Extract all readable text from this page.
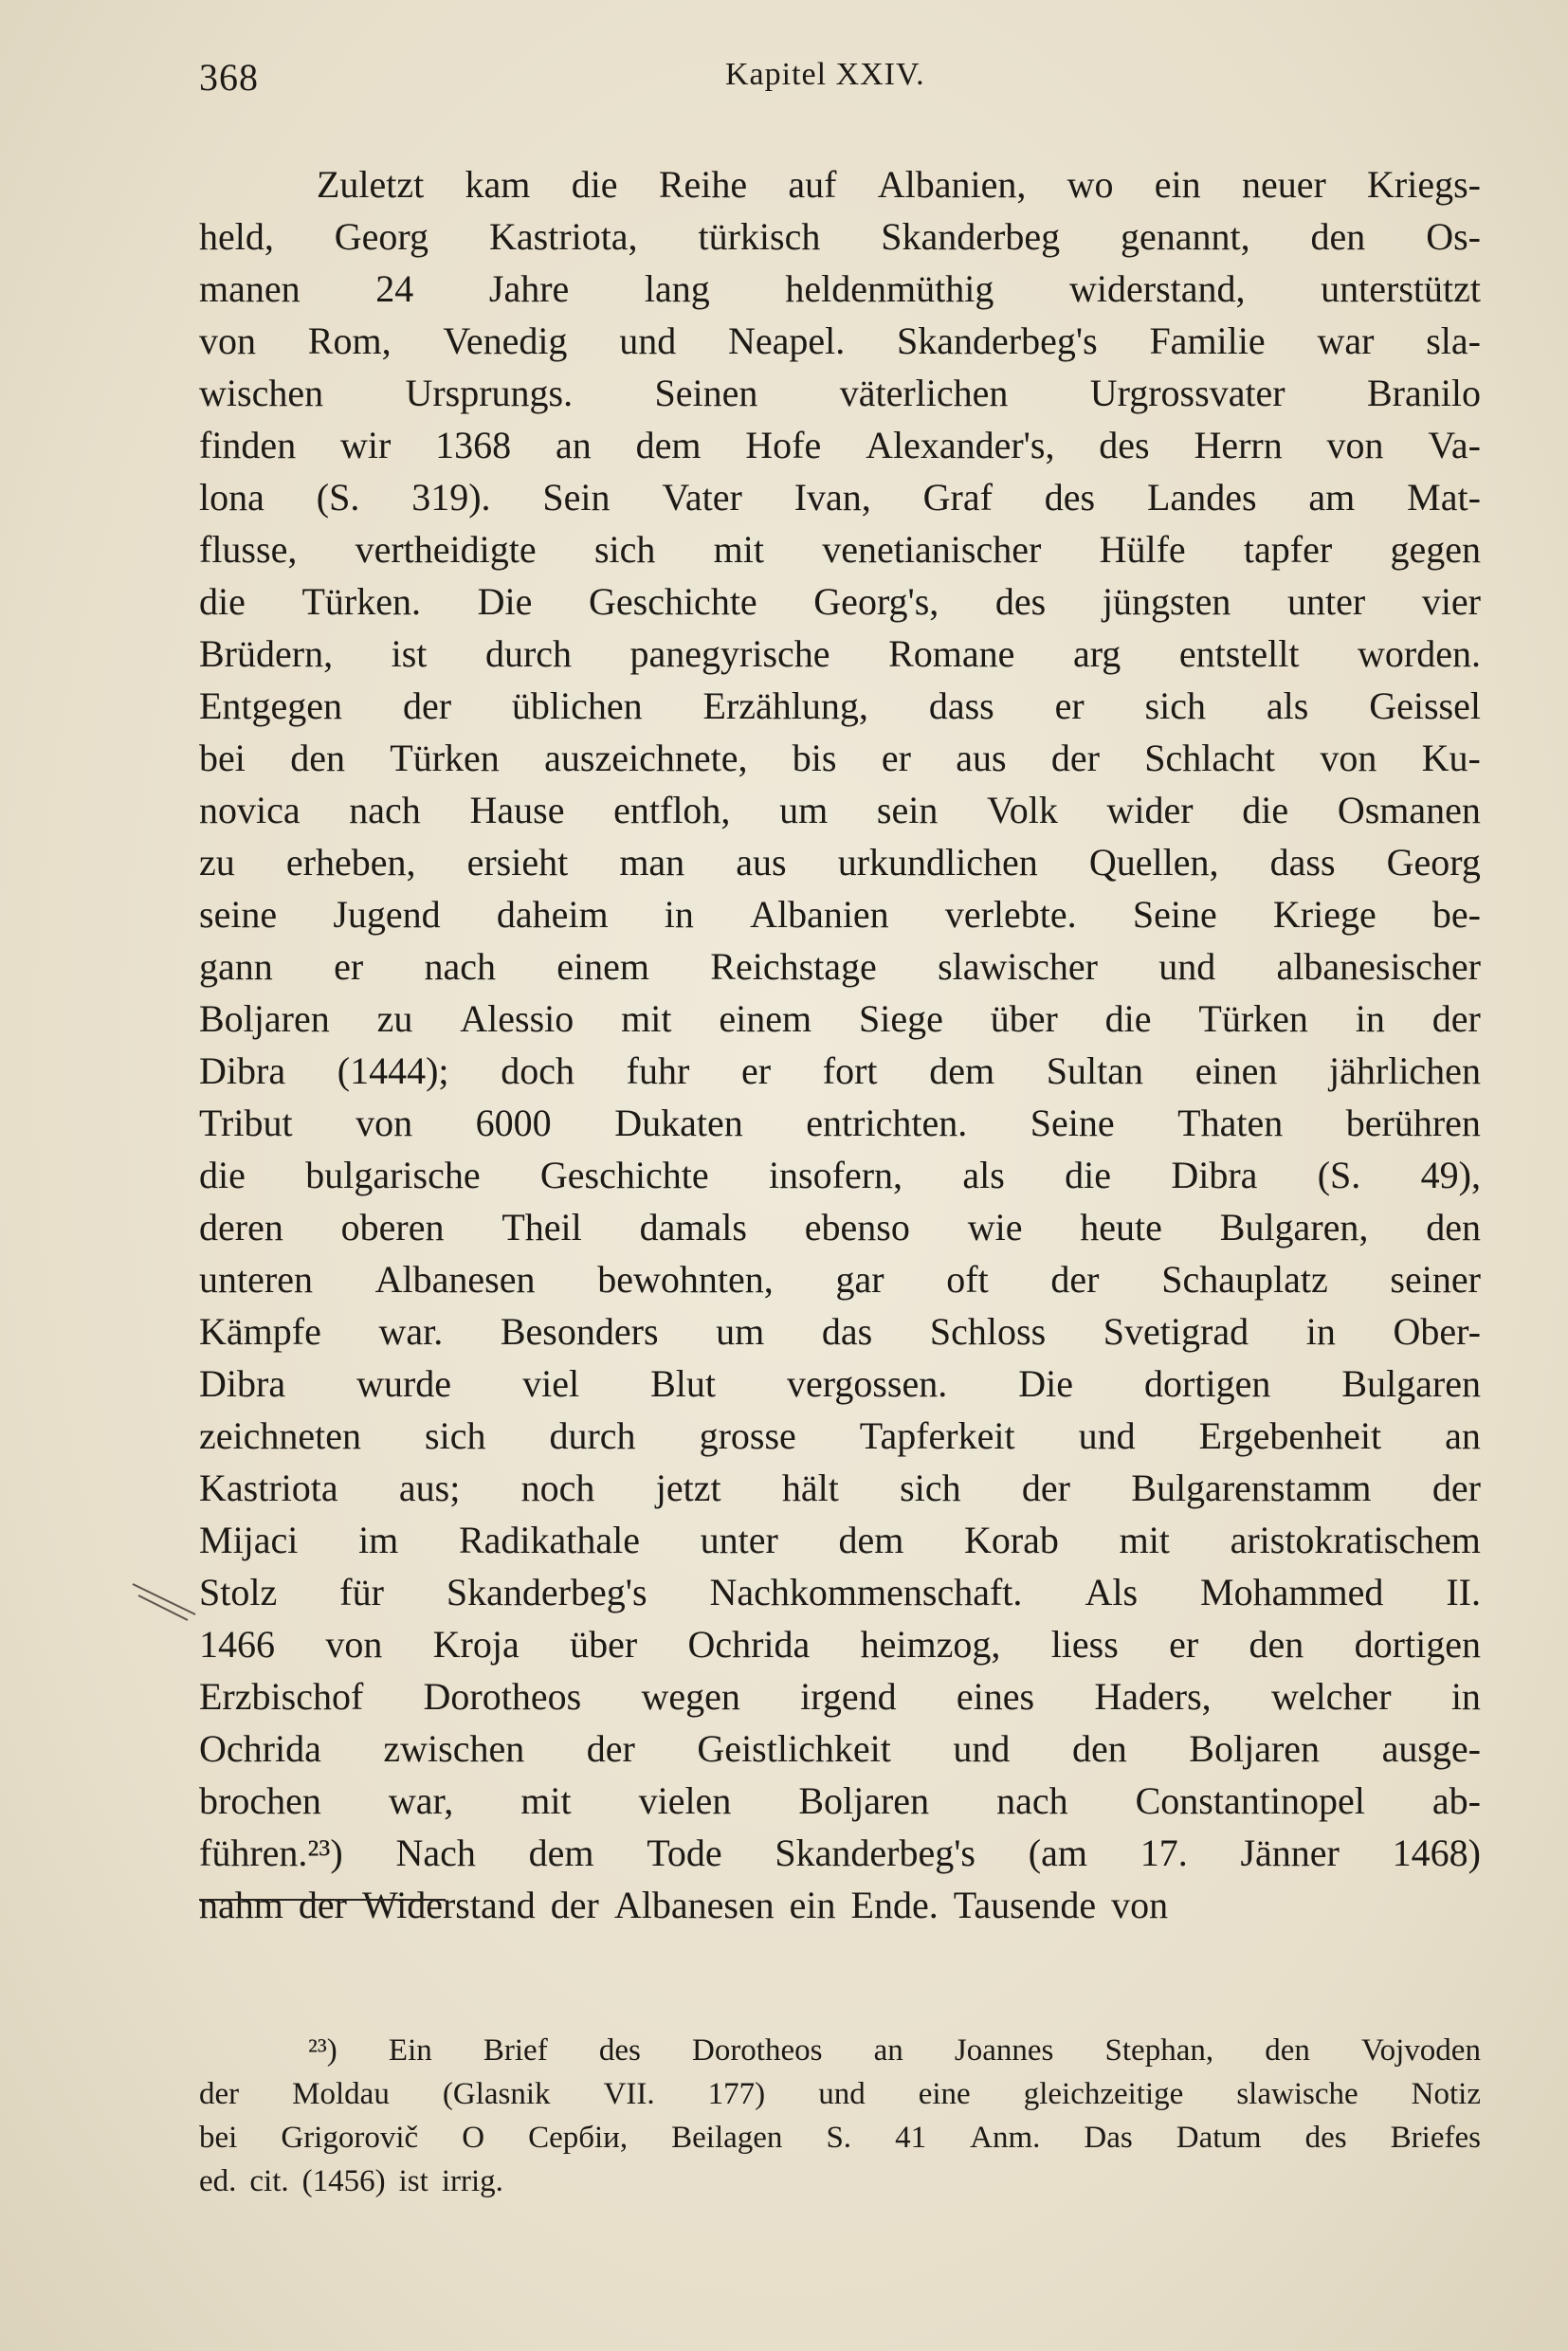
368	Kapitel XXIV.
Zuletzt kam die Reihe auf Albanien, wo ein neuer Kriegs-
held, Georg Kastriota, türkisch Skanderbeg genannt, den Os-
manen 24 Jahre lang heldenmüthig widerstand, unterstützt
von Rom, Venedig und Neapel. Skanderbeg's Familie war sla-
wischen Ursprungs. Seinen väterlichen Urgrossvater Branilo
finden wir 1368 an dem Hofe Alexander's, des Herrn von Va-
lona (S. 319). Sein Vater Ivan, Graf des Landes am Mat-
flusse, vertheidigte sich mit venetianischer Hülfe tapfer gegen
die Türken. Die Geschichte Georg's, des jüngsten unter vier
Brüdern, ist durch panegyrische Romane arg entstellt worden.
Entgegen der üblichen Erzählung, dass er sich als Geissel
bei den Türken auszeichnete, bis er aus der Schlacht von Ku-
novica nach Hause entfloh, um sein Volk wider die Osmanen
zu erheben, ersieht man aus urkundlichen Quellen, dass Georg
seine Jugend daheim in Albanien verlebte. Seine Kriege be-
gann er nach einem Reichstage slawischer und albanesischer
Boljaren zu Alessio mit einem Siege über die Türken in der
Dibra (1444); doch fuhr er fort dem Sultan einen jährlichen
Tribut von 6000 Dukaten entrichten. Seine Thaten berühren
die bulgarische Geschichte insofern, als die Dibra (S. 49),
deren oberen Theil damals ebenso wie heute Bulgaren, den
unteren Albanesen bewohnten, gar oft der Schauplatz seiner
Kämpfe war. Besonders um das Schloss Svetigrad in Ober-
Dibra wurde viel Blut vergossen. Die dortigen Bulgaren
zeichneten sich durch grosse Tapferkeit und Ergebenheit an
Kastriota aus; noch jetzt hält sich der Bulgarenstamm der
Mijaci im Radikathale unter dem Korab mit aristokratischem
Stolz für Skanderbeg's Nachkommenschaft. Als Mohammed II.
1466 von Kroja über Ochrida heimzog, liess er den dortigen
Erzbischof Dorotheos wegen irgend eines Haders, welcher in
Ochrida zwischen der Geistlichkeit und den Boljaren ausge-
brochen war, mit vielen Boljaren nach Constantinopel ab-
führen.²³) Nach dem Tode Skanderbeg's (am 17. Jänner 1468)
nahm der Widerstand der Albanesen ein Ende. Tausende von
²³) Ein Brief des Dorotheos an Joannes Stephan, den Vojvoden
der Moldau (Glasnik VII. 177) und eine gleichzeitige slawische Notiz
bei Grigorovič O Cepбiи, Beilagen S. 41 Anm. Das Datum des Briefes
ed. cit. (1456) ist irrig.
